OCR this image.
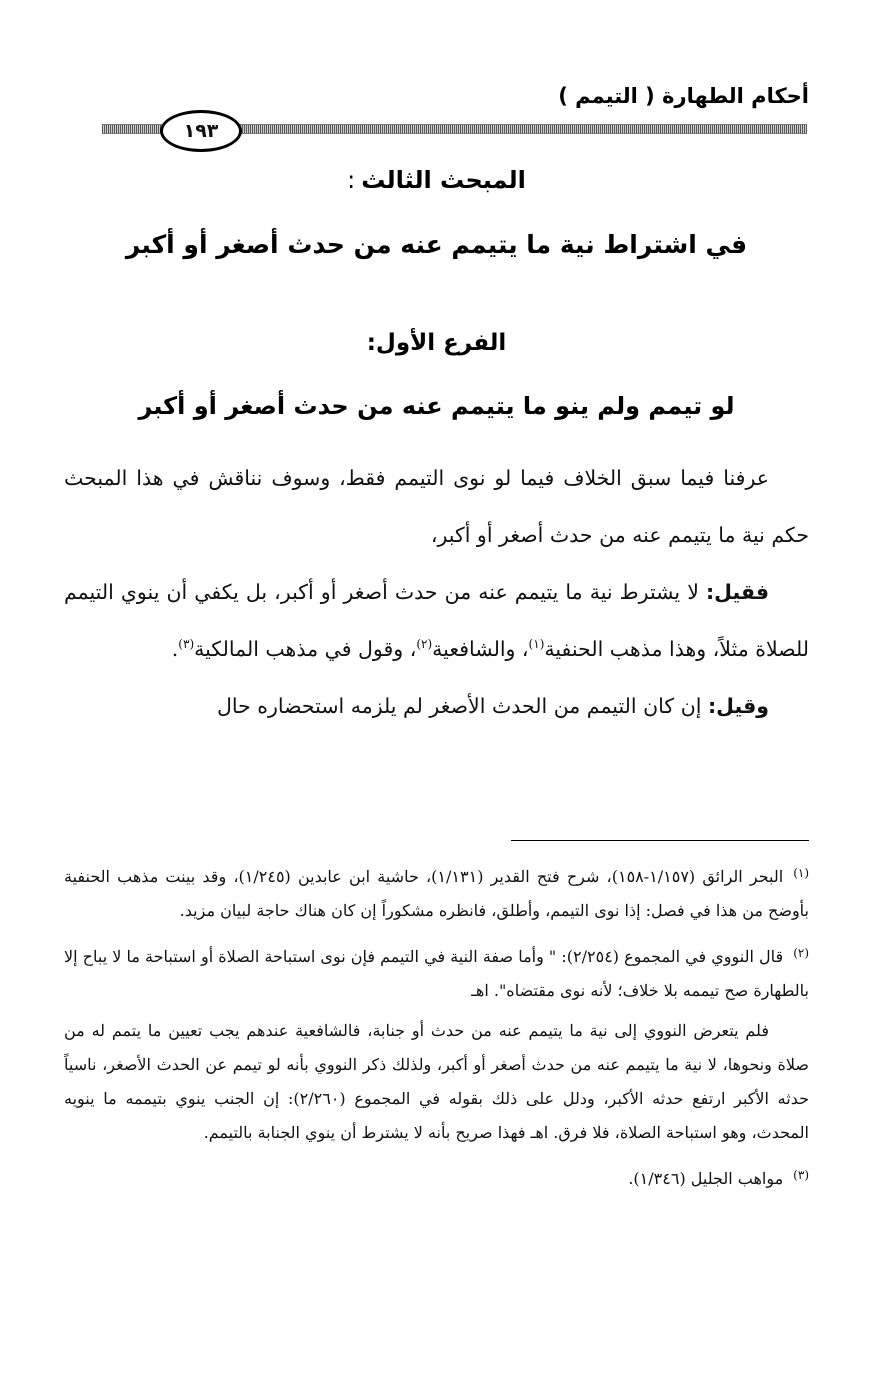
أحكام الطهارة ( التيمم )
١٩٣
المبحث الثالث:
في اشتراط نية ما يتيمم عنه من حدث أصغر أو أكبر
الفرع الأول:
لو تيمم ولم ينو ما يتيمم عنه من حدث أصغر أو أكبر

عرفنا فيما سبق الخلاف فيما لو نوى التيمم فقط، وسوف نناقش في هذا المبحث حكم نية ما يتيمم عنه من حدث أصغر أو أكبر،

فقيل: لا يشترط نية ما يتيمم عنه من حدث أصغر أو أكبر، بل يكفي أن ينوي التيمم للصلاة مثلاً، وهذا مذهب الحنفية$^{(١)}$، والشافعية$^{(٢)}$، وقول في مذهب المالكية$^{(٣)}$.

وقيل: إن كان التيمم من الحدث الأصغر لم يلزمه استحضاره حال

$^{(١)}$البحر الرائق (١/١٥٧-١٥٨)، شرح فتح القدير (١/١٣١)، حاشية ابن عابدين (١/٢٤٥)، وقد بينت مذهب الحنفية بأوضح من هذا في فصل: إذا نوى التيمم، وأطلق، فانظره مشكوراً إن كان هناك حاجة لبيان مزيد.

$^{(٢)}$قال النووي في المجموع (٢/٢٥٤): " وأما صفة النية في التيمم فإن نوى استباحة الصلاة أو استباحة ما لا يباح إلا بالطهارة صح تيممه بلا خلاف؛ لأنه نوى مقتضاه". اهـ

فلم يتعرض النووي إلى نية ما يتيمم عنه من حدث أو جنابة، فالشافعية عندهم يجب تعيين ما يتمم له من صلاة ونحوها، لا نية ما يتيمم عنه من حدث أصغر أو أكبر، ولذلك ذكر النووي بأنه لو تيمم عن الحدث الأصغر، ناسياً حدثه الأكبر ارتفع حدثه الأكبر، ودلل على ذلك بقوله في المجموع (٢/٢٦٠): إن الجنب ينوي بتيممه ما ينويه المحدث، وهو استباحة الصلاة، فلا فرق. اهـ فهذا صريح بأنه لا يشترط أن ينوي الجنابة بالتيمم.

$^{(٣)}$مواهب الجليل (١/٣٤٦).
